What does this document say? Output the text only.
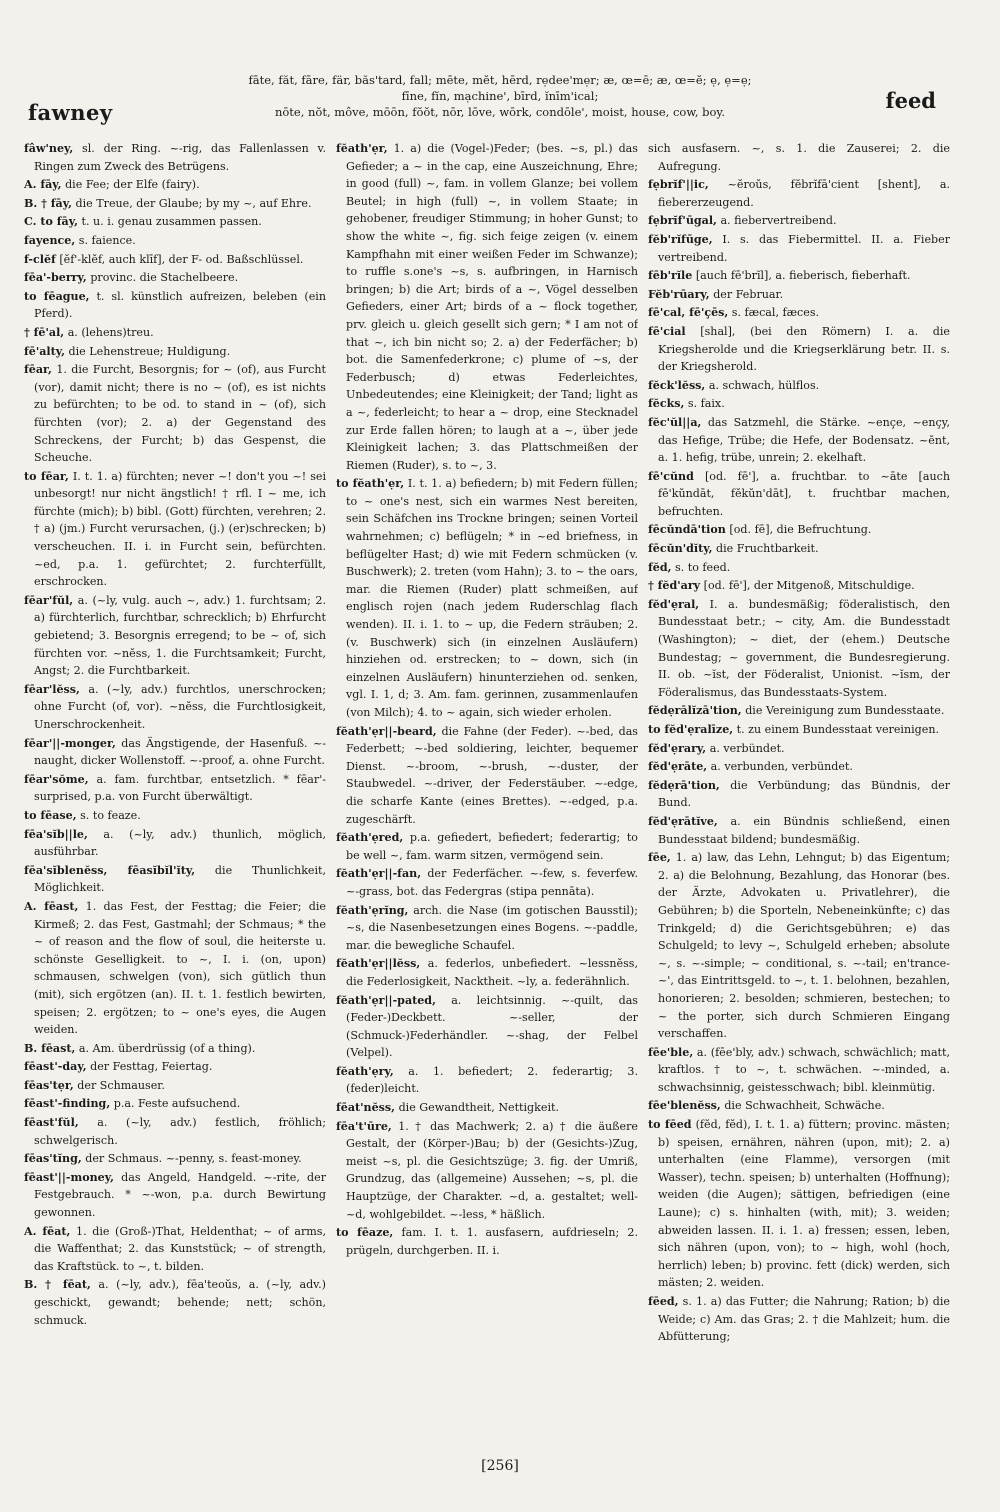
fawney
fāte, făt, fāre, fär, băs'tard, fall; mēte, mĕt, hērd, rẹdee'mẹr; æ, œ=ē; æ, œ=ĕ; ẹ, ẹ=ẹ;
fīne, fĭn, mạchine', bīrd, ĭnīm'ical;
nōte, nŏt, môve, mōōn, fŏŏt, nōr, lōve, wōrk, condōle', moist, house, cow, boy.	feed
fâw'ney, sl. der Ring. ~-rig, das Fallenlassen v. Ringen zum Zweck des Betrügens.
A. fāy, die Fee; der Elfe (fairy).
B. † fāy, die Treue, der Glaube; by my ~, auf Ehre.
C. to fāy, t. u. i. genau zusammen passen.
fayence, s. faience.
f-clĕf [ĕf'-klĕf, auch klīf], der F- od. Baßschlüssel.
fēa'-berry, provinc. die Stachelbeere.
to fēague, t. sl. künstlich aufreizen, beleben (ein Pferd).
† fē'al, a. (lehens)treu.
fē'alty, die Lehenstreue; Huldigung.
fēar, 1. die Furcht, Besorgnis; for ~ (of), aus Furcht (vor), damit nicht; there is no ~ (of), es ist nichts zu befürchten; to be od. to stand in ~ (of), sich fürchten (vor); 2. a) der Gegenstand des Schreckens, der Furcht; b) das Gespenst, die Scheuche.
to fēar, I. t. 1. a) fürchten; never ~! don't you ~! sei unbesorgt! nur nicht ängstlich! † rfl. I ~ me, ich fürchte (mich); b) bibl. (Gott) fürchten, verehren; 2. † a) (jm.) Furcht verursachen, (j.) (er)schrecken; b) verscheuchen. II. i. in Furcht sein, befürchten. ~ed, p.a. 1. gefürchtet; 2. furchterfüllt, erschrocken.
fēar'fŭl, a. (~ly, vulg. auch ~, adv.) 1. furchtsam; 2. a) fürchterlich, furchtbar, schrecklich; b) Ehrfurcht gebietend; 3. Besorgnis erregend; to be ~ of, sich fürchten vor. ~nĕss, 1. die Furchtsamkeit; Furcht, Angst; 2. die Furchtbarkeit.
fēar'lĕss, a. (~ly, adv.) furchtlos, unerschrocken; ohne Furcht (of, vor). ~nĕss, die Furchtlosigkeit, Unerschrockenheit.
fēar'||-monger, das Ängstigende, der Hasenfuß. ~-naught, dicker Wollenstoff. ~-proof, a. ohne Furcht.
fēar'sŏme, a. fam. furchtbar, entsetzlich. * fēar'-surprised, p.a. von Furcht überwältigt.
to fēase, s. to feaze.
fēa'sĭb||le, a. (~ly, adv.) thunlich, möglich, ausführbar.
fēa'sĭblenĕss, fēasĭbĭl'ĭty, die Thunlichkeit, Möglichkeit.
A. fēast, 1. das Fest, der Festtag; die Feier; die Kirmeß; 2. das Fest, Gastmahl; der Schmaus; * the ~ of reason and the flow of soul, die heiterste u. schönste Geselligkeit. to ~, I. i. (on, upon) schmausen, schwelgen (von), sich gütlich thun (mit), sich ergötzen (an). II. t. 1. festlich bewirten, speisen; 2. ergötzen; to ~ one's eyes, die Augen weiden.
B. fēast, a. Am. überdrüssig (of a thing).
fēast'-day, der Festtag, Feiertag.
fēas'tẹr, der Schmauser.
fēast'-finding, p.a. Feste aufsuchend.
fēast'fŭl, a. (~ly, adv.) festlich, fröhlich; schwelgerisch.
fēas'tĭng, der Schmaus. ~-penny, s. feast-money.
fēast'||-money, das Angeld, Handgeld. ~-rite, der Festgebrauch. * ~-won, p.a. durch Bewirtung gewonnen.
A. fēat, 1. die (Groß-)That, Heldenthat; ~ of arms, die Waffenthat; 2. das Kunststück; ~ of strength, das Kraftstück. to ~, t. bilden.
B. † fēat, a. (~ly, adv.), fēa'teoŭs, a. (~ly, adv.) geschickt, gewandt; behende; nett; schön, schmuck.
fĕath'ẹr, 1. a) die (Vogel-)Feder; (bes. ~s, pl.) das Gefieder; a ~ in the cap, eine Auszeichnung, Ehre; in good (full) ~, fam. in vollem Glanze; bei vollem Beutel; in high (full) ~, in vollem Staate; in gehobener, freudiger Stimmung; in hoher Gunst; to show the white ~, fig. sich feige zeigen (v. einem Kampfhahn mit einer weißen Feder im Schwanze); to ruffle s.one's ~s, s. aufbringen, in Harnisch bringen; b) die Art; birds of a ~, Vögel desselben Gefieders, einer Art; birds of a ~ flock together, prv. gleich u. gleich gesellt sich gern; * I am not of that ~, ich bin nicht so; 2. a) der Federfächer; b) bot. die Samenfederkrone; c) plume of ~s, der Federbusch; d) etwas Federleichtes, Unbedeutendes; eine Kleinigkeit; der Tand; light as a ~, federleicht; to hear a ~ drop, eine Stecknadel zur Erde fallen hören; to laugh at a ~, über jede Kleinigkeit lachen; 3. das Plattschmeißen der Riemen (Ruder), s. to ~, 3.
to fĕath'ẹr, I. t. 1. a) befiedern; b) mit Federn füllen; to ~ one's nest, sich ein warmes Nest bereiten, sein Schäfchen ins Trockne bringen; seinen Vorteil wahrnehmen; c) beflügeln; * in ~ed briefness, in beflügelter Hast; d) wie mit Federn schmücken (v. Buschwerk); 2. treten (vom Hahn); 3. to ~ the oars, mar. die Riemen (Ruder) platt schmeißen, auf englisch rojen (nach jedem Ruderschlag flach wenden). II. i. 1. to ~ up, die Federn sträuben; 2. (v. Buschwerk) sich (in einzelnen Ausläufern) hinziehen od. erstrecken; to ~ down, sich (in einzelnen Ausläufern) hinunterziehen od. senken, vgl. I. 1, d; 3. Am. fam. gerinnen, zusammenlaufen (von Milch); 4. to ~ again, sich wieder erholen.
fĕath'ẹr||-beard, die Fahne (der Feder). ~-bed, das Federbett; ~-bed soldiering, leichter, bequemer Dienst. ~-broom, ~-brush, ~-duster, der Staubwedel. ~-driver, der Federstäuber. ~-edge, die scharfe Kante (eines Brettes). ~-edged, p.a. zugeschärft.
fĕath'ẹred, p.a. gefiedert, befiedert; federartig; to be well ~, fam. warm sitzen, vermögend sein.
fĕath'ẹr||-fan, der Federfächer. ~-few, s. feverfew. ~-grass, bot. das Federgras (stipa pennāta).
fĕath'ẹrĭng, arch. die Nase (im gotischen Bausstil); ~s, die Nasenbesetzungen eines Bogens. ~-paddle, mar. die bewegliche Schaufel.
fĕath'ẹr||lĕss, a. federlos, unbefiedert. ~lessnĕss, die Federlosigkeit, Nacktheit. ~ly, a. federähnlich.
fĕath'ẹr||-pated, a. leichtsinnig. ~-quilt, das (Feder-)Deckbett. ~-seller, der (Schmuck-)Federhändler. ~-shag, der Felbel (Velpel).
fĕath'ẹry, a. 1. befiedert; 2. federartig; 3. (feder)leicht.
fēat'nĕss, die Gewandtheit, Nettigkeit.
fēa't'ūre, 1. † das Machwerk; 2. a) † die äußere Gestalt, der (Körper-)Bau; b) der (Gesichts-)Zug, meist ~s, pl. die Gesichtszüge; 3. fig. der Umriß, Grundzug, das (allgemeine) Aussehen; ~s, pl. die Hauptzüge, der Charakter. ~d, a. gestaltet; well-~d, wohlgebildet. ~-less, * häßlich.
to fēaze, fam. I. t. 1. ausfasern, aufdrieseln; 2. prügeln, durchgerben. II. i.
sich ausfasern. ~, s. 1. die Zauserei; 2. die Aufregung.
fẹbrĭf'||ic, ~ĕroŭs, fĕbrĭfā'cient [shent], a. fiebererzeugend.
fẹbrĭf'ūgal, a. fiebervertreibend.
fĕb'rĭfūge, I. s. das Fiebermittel. II. a. Fieber vertreibend.
fēb'rĭle [auch fē'brĭl], a. fieberisch, fieberhaft.
Fĕb'rūary, der Februar.
fē'cal, fē'çēs, s. fæcal, fæces.
fē'cial [shal], (bei den Römern) I. a. die Kriegsherolde und die Kriegserklärung betr. II. s. der Kriegsherold.
fĕck'lĕss, a. schwach, hülflos.
fĕcks, s. faix.
fĕc'ŭl||a, das Satzmehl, die Stärke. ~ençe, ~ençy, das Hefige, Trübe; die Hefe, der Bodensatz. ~ĕnt, a. 1. hefig, trübe, unrein; 2. ekelhaft.
fē'cŭnd [od. fē'], a. fruchtbar. to ~āte [auch fē'kŭndāt, fĕkŭn'dāt], t. fruchtbar machen, befruchten.
fēcŭndā'tion [od. fē], die Befruchtung.
fēcŭn'dĭty, die Fruchtbarkeit.
fĕd, s. to feed.
† fĕd'ary [od. fē'], der Mitgenoß, Mitschuldige.
fĕd'ẹral, I. a. bundesmäßig; föderalistisch, den Bundesstaat betr.; ~ city, Am. die Bundesstadt (Washington); ~ diet, der (ehem.) Deutsche Bundestag; ~ government, die Bundesregierung. II. ob. ~ĭst, der Föderalist, Unionist. ~ĭsm, der Föderalismus, das Bundesstaats-System.
fĕdẹrālĭzā'tion, die Vereinigung zum Bundesstaate.
to fĕd'ẹralīze, t. zu einem Bundesstaat vereinigen.
fĕd'ẹrary, a. verbündet.
fĕd'ẹrāte, a. verbunden, verbündet.
fĕdẹrā'tion, die Verbündung; das Bündnis, der Bund.
fĕd'ẹrātĭve, a. ein Bündnis schließend, einen Bundesstaat bildend; bundesmäßig.
fēe, 1. a) law, das Lehn, Lehngut; b) das Eigentum; 2. a) die Belohnung, Bezahlung, das Honorar (bes. der Ärzte, Advokaten u. Privatlehrer), die Gebühren; b) die Sporteln, Nebeneinkünfte; c) das Trinkgeld; d) die Gerichtsgebühren; e) das Schulgeld; to levy ~, Schulgeld erheben; absolute ~, s. ~-simple; ~ conditional, s. ~-tail; en'trance-~', das Eintrittsgeld. to ~, t. 1. belohnen, bezahlen, honorieren; 2. besolden; schmieren, bestechen; to ~ the porter, sich durch Schmieren Eingang verschaffen.
fēe'ble, a. (fēe'bly, adv.) schwach, schwächlich; matt, kraftlos. † to ~, t. schwächen. ~-minded, a. schwachsinnig, geistesschwach; bibl. kleinmütig.
fēe'blenĕss, die Schwachheit, Schwäche.
to fēed (fĕd, fĕd), I. t. 1. a) füttern; provinc. mästen; b) speisen, ernähren, nähren (upon, mit); 2. a) unterhalten (eine Flamme), versorgen (mit Wasser), techn. speisen; b) unterhalten (Hoffnung); weiden (die Augen); sättigen, befriedigen (eine Laune); c) s. hinhalten (with, mit); 3. weiden; abweiden lassen. II. i. 1. a) fressen; essen, leben, sich nähren (upon, von); to ~ high, wohl (hoch, herrlich) leben; b) provinc. fett (dick) werden, sich mästen; 2. weiden.
fēed, s. 1. a) das Futter; die Nahrung; Ration; b) die Weide; c) Am. das Gras; 2. † die Mahlzeit; hum. die Abfütterung;
[256]
